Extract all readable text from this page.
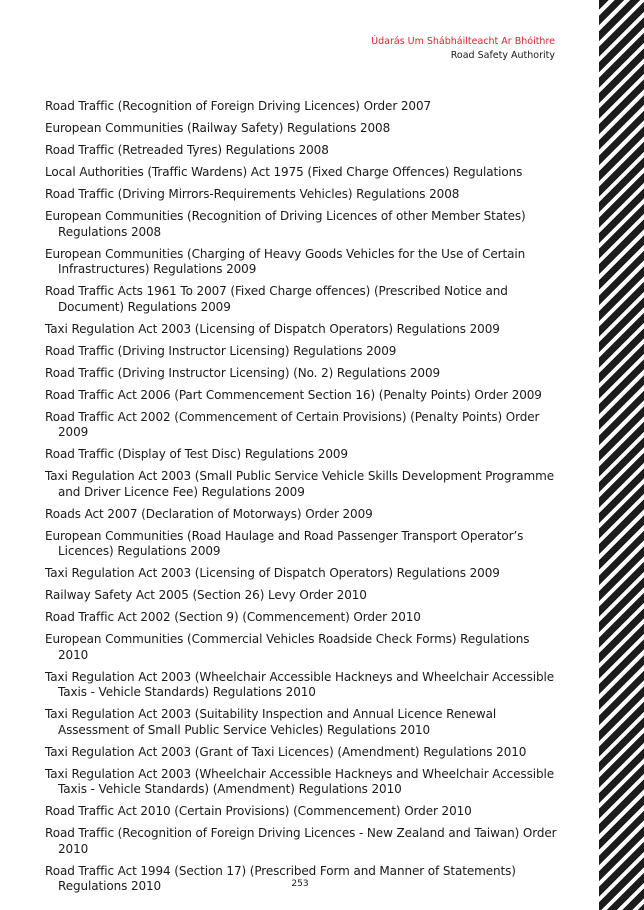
Údarás Um Shábháilteacht Ar Bhóithre
Road Safety Authority
Road Traffic (Recognition of Foreign Driving Licences) Order 2007
European Communities (Railway Safety) Regulations 2008
Road Traffic (Retreaded Tyres) Regulations 2008
Local Authorities (Traffic Wardens) Act 1975 (Fixed Charge Offences) Regulations
Road Traffic (Driving Mirrors-Requirements Vehicles) Regulations 2008
European Communities (Recognition of Driving Licences of other Member States) Regulations 2008
European Communities (Charging of Heavy Goods Vehicles for the Use of Certain Infrastructures) Regulations 2009
Road Traffic Acts 1961 To 2007 (Fixed Charge offences) (Prescribed Notice and Document) Regulations 2009
Taxi Regulation Act 2003 (Licensing of Dispatch Operators) Regulations 2009
Road Traffic (Driving Instructor Licensing) Regulations 2009
Road Traffic (Driving Instructor Licensing) (No. 2) Regulations 2009
Road Traffic Act 2006 (Part Commencement Section 16) (Penalty Points) Order 2009
Road Traffic Act 2002 (Commencement of Certain Provisions) (Penalty Points) Order 2009
Road Traffic (Display of Test Disc) Regulations 2009
Taxi Regulation Act 2003 (Small Public Service Vehicle Skills Development Programme and Driver Licence Fee) Regulations 2009
Roads Act 2007 (Declaration of Motorways) Order 2009
European Communities (Road Haulage and Road Passenger Transport Operator’s Licences) Regulations 2009
Taxi Regulation Act 2003 (Licensing of Dispatch Operators) Regulations 2009
Railway Safety Act 2005 (Section 26) Levy Order 2010
Road Traffic Act 2002 (Section 9) (Commencement) Order 2010
European Communities (Commercial Vehicles Roadside Check Forms) Regulations 2010
Taxi Regulation Act 2003 (Wheelchair Accessible Hackneys and Wheelchair Accessible Taxis - Vehicle Standards) Regulations 2010
Taxi Regulation Act 2003 (Suitability Inspection and Annual Licence Renewal Assessment of Small Public Service Vehicles) Regulations 2010
Taxi Regulation Act 2003 (Grant of Taxi Licences) (Amendment) Regulations 2010
Taxi Regulation Act 2003 (Wheelchair Accessible Hackneys and Wheelchair Accessible Taxis - Vehicle Standards) (Amendment) Regulations 2010
Road Traffic Act 2010 (Certain Provisions) (Commencement) Order 2010
Road Traffic (Recognition of Foreign Driving Licences - New Zealand and Taiwan) Order 2010
Road Traffic Act 1994 (Section 17) (Prescribed Form and Manner of Statements) Regulations 2010	253
